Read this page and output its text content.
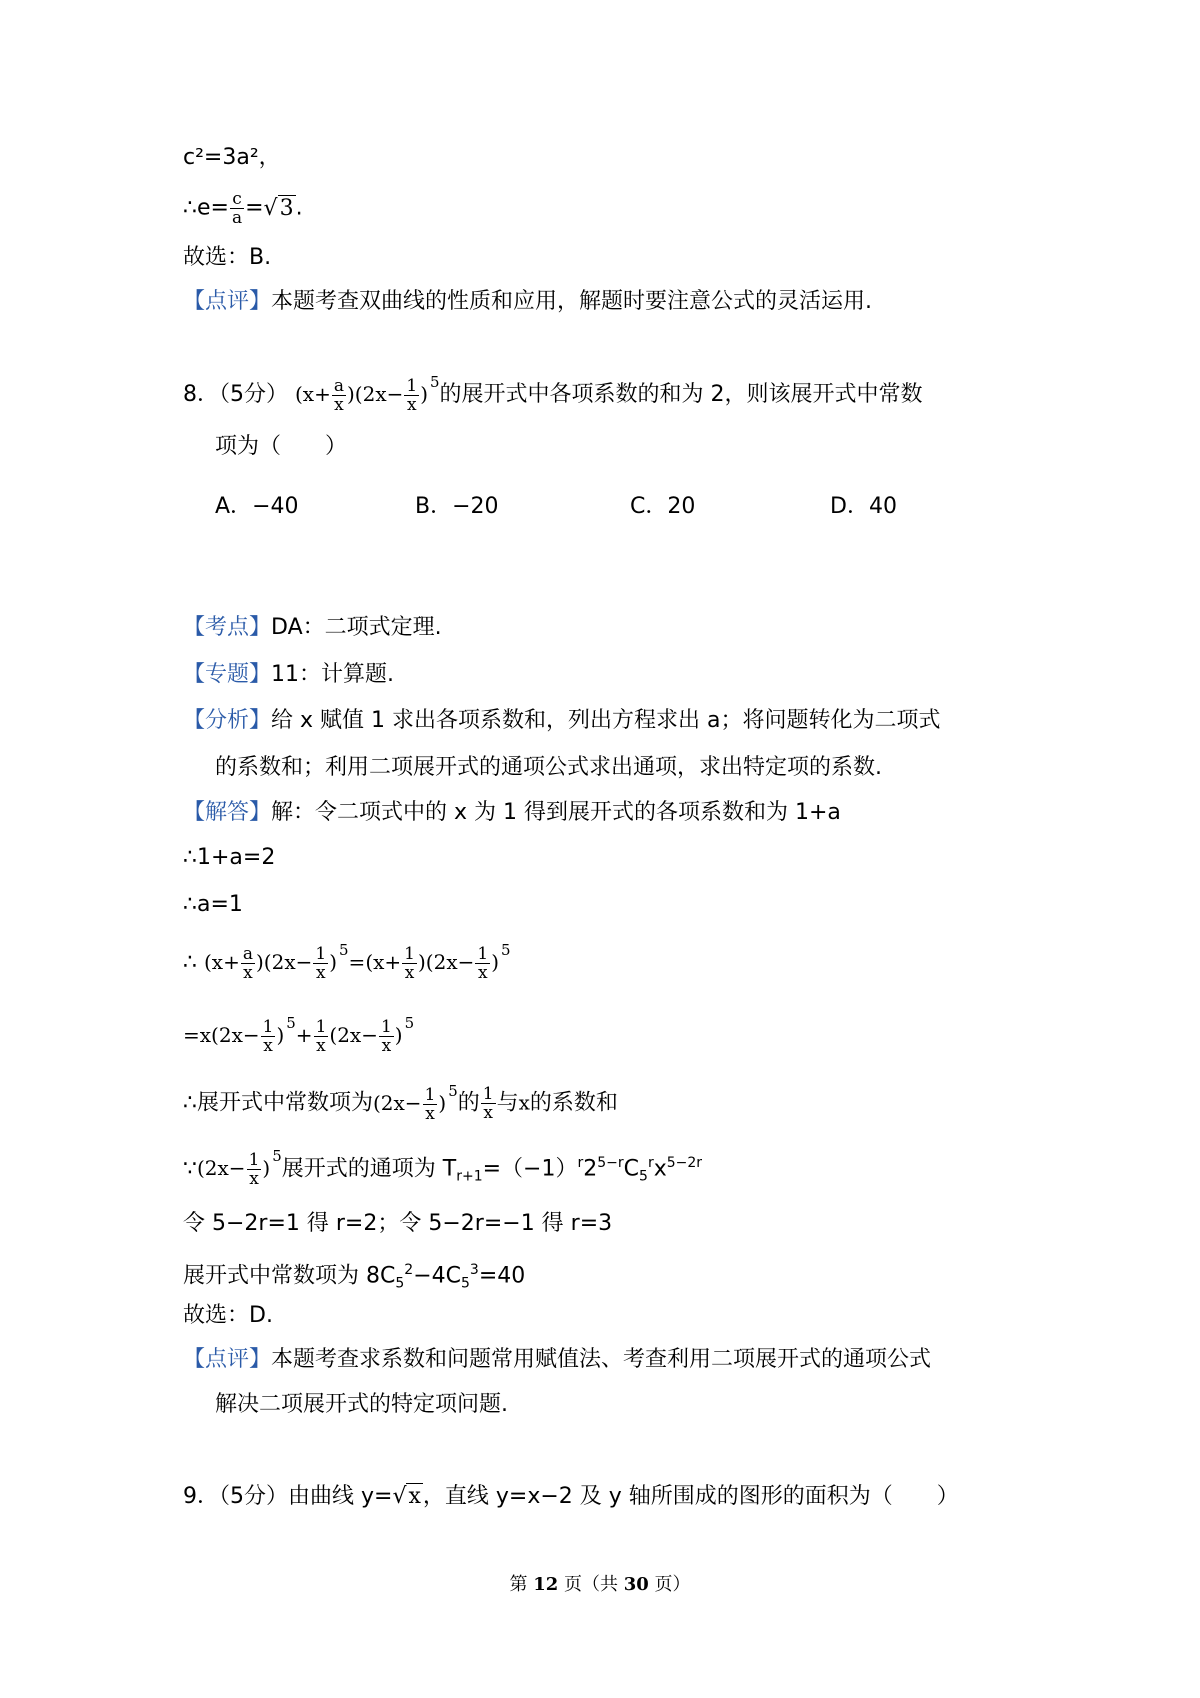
c²=3a²，
∴e= $\frac{c}{a} =√3$.
故选：B.
【点评】本题考查双曲线的性质和应用，解题时要注意公式的灵活运用.
8．（5分） $(x+ \frac{a}{x} )(2x- \frac{1}{x}$ ) $^5$的展开式中各项系数的和为 2，则该展开式中常数
项为（　　）
A．−40	B．−20	C．20	D．40
【考点】DA：二项式定理.
【专题】11：计算题.
【分析】给 x 赋值 1 求出各项系数和，列出方程求出 a；将问题转化为二项式
的系数和；利用二项展开式的通项公式求出通项，求出特定项的系数.
【解答】解：令二项式中的 x 为 1 得到展开式的各项系数和为 1+a
∴1+a=2
∴a=1
∴ $(x+ \frac{a}{x} )(2x- \frac{1}{x}$ ) $^5=(x+ \frac{1}{x} )(2x- \frac{1}{x}$ ) $^5$
$=x(2x- \frac{1}{x}$ ) $^5+ \frac{1}{x} (2x- \frac{1}{x}$ ) $^5$
∴展开式中常数项为($2x- \frac{1}{x}$ ) $^5$的 $\frac{1}{x}$ 与x的系数和
∵(2x− $\frac{1}{x}$ ) $^5$展开式的通项为 $T_{r+1}=(-1)^r2^{5-r}C_5^rx^{5-2r}$
令 5−2r=1 得 r=2；令 5−2r=−1 得 r=3
展开式中常数项为 $8C_5^2-4C_5^3=40$
故选：D.
【点评】本题考查求系数和问题常用赋值法、考查利用二项展开式的通项公式
解决二项展开式的特定项问题.
9．（5分）由曲线 y=√x，直线 y=x−2 及 y 轴所围成的图形的面积为（　　）
第 12 页（共 30 页）
